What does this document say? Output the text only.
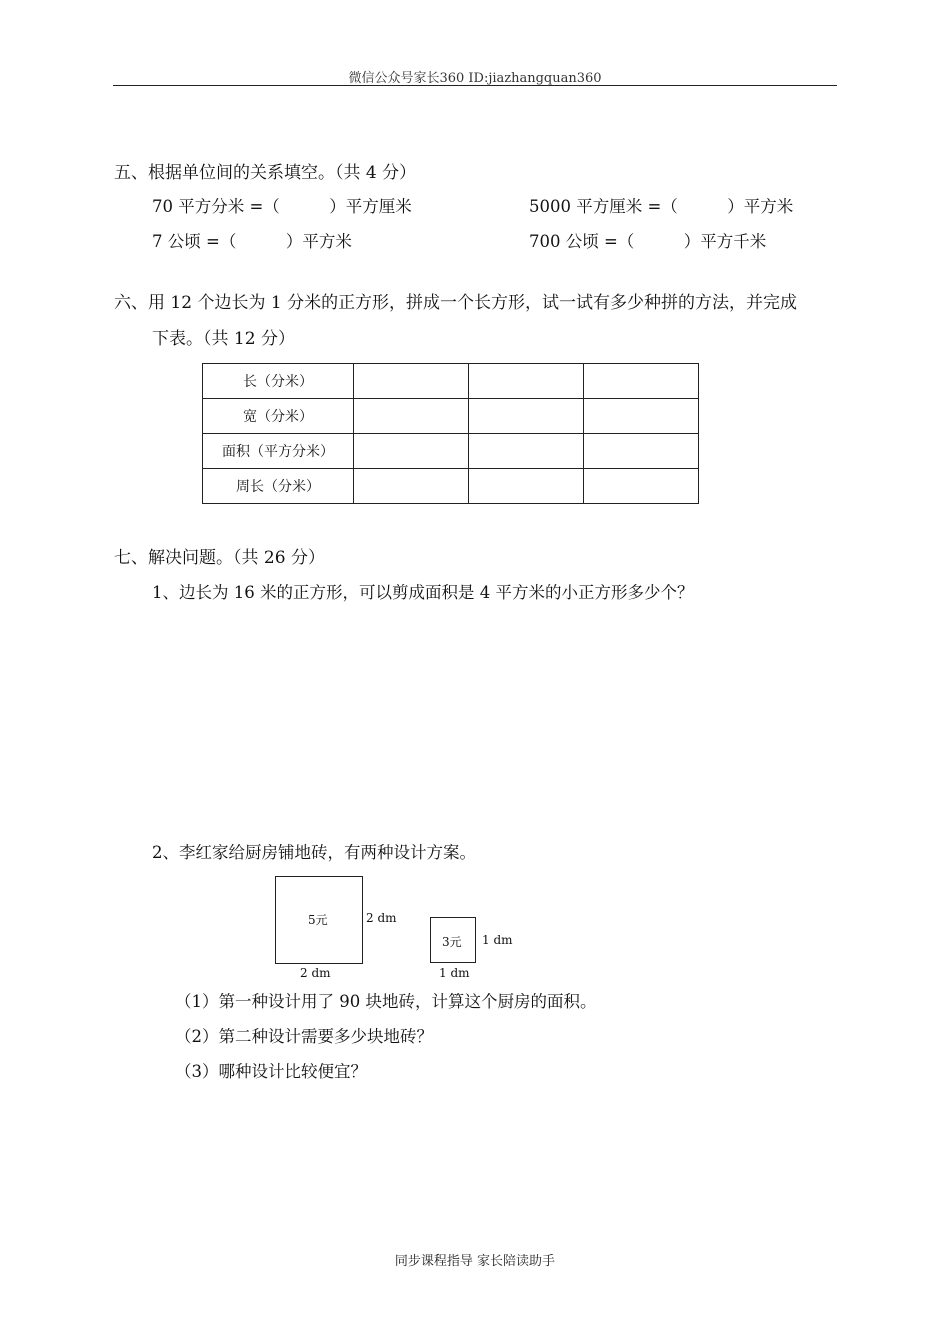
微信公众号家长360 ID:jiazhangquan360
五、根据单位间的关系填空。（共 4 分）
70 平方分米 =（　　　）平方厘米	5000 平方厘米 =（　　　）平方米
7 公顷 =（　　　）平方米	700 公顷 =（　　　）平方千米
六、用 12 个边长为 1 分米的正方形，拼成一个长方形，试一试有多少种拼的方法，并完成
下表。（共 12 分）
长（分米）			
宽（分米）			
面积（平方分米）			
周长（分米）			
七、解决问题。（共 26 分）
1、边长为 16 米的正方形，可以剪成面积是 4 平方米的小正方形多少个？
2、李红家给厨房铺地砖，有两种设计方案。
5元	2 dm
2 dm
3元 1 dm
1 dm
（1）第一种设计用了 90 块地砖，计算这个厨房的面积。
（2）第二种设计需要多少块地砖？
（3）哪种设计比较便宜？
同步课程指导 家长陪读助手
